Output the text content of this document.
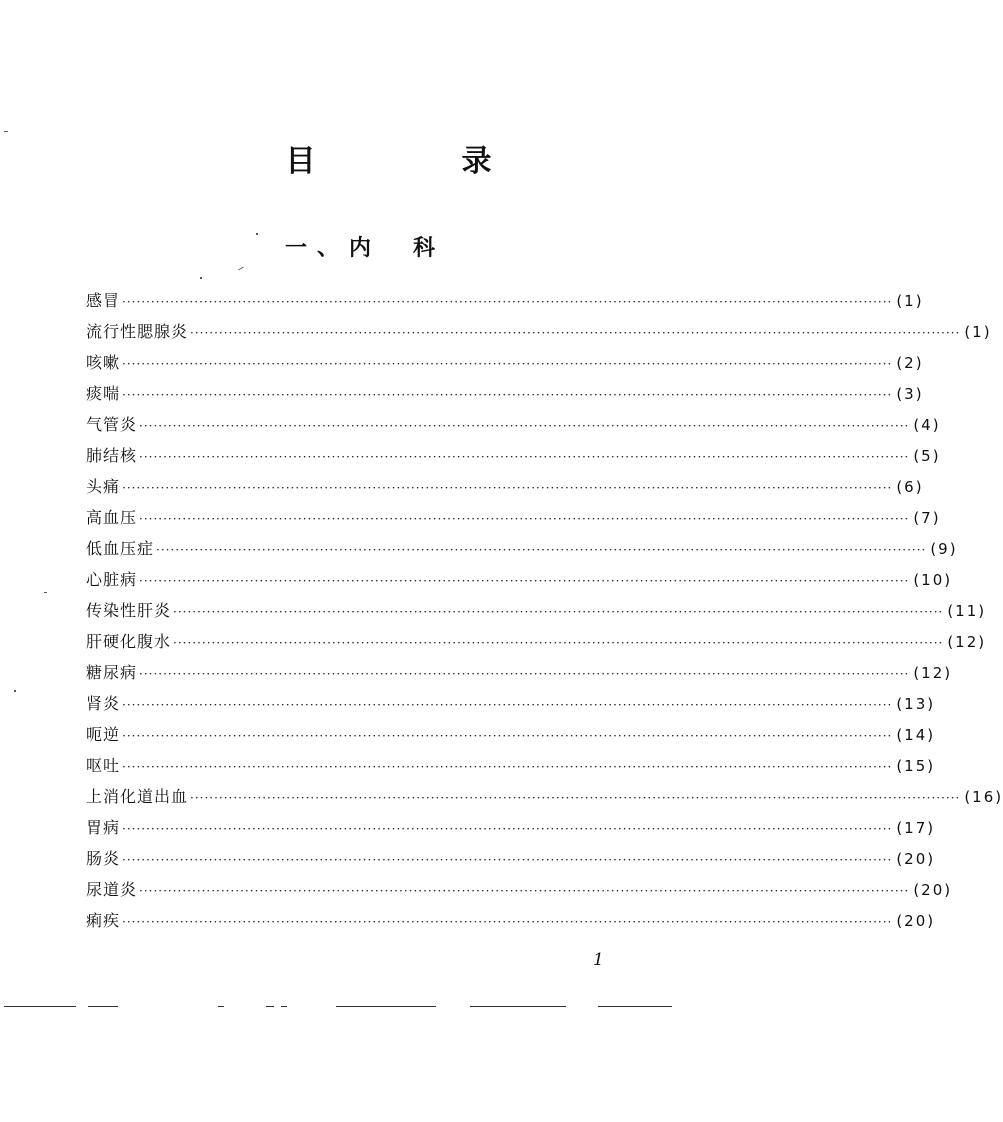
目　录
一、内　科
感冒 ································································································································································ (1)
流行性腮腺炎 ································································································································································ (1)
咳嗽 ································································································································································ (2)
痰喘 ································································································································································ (3)
气管炎 ································································································································································ (4)
肺结核 ································································································································································ (5)
头痛 ································································································································································ (6)
高血压 ································································································································································ (7)
低血压症 ································································································································································ (9)
心脏病 ································································································································································ (10)
传染性肝炎 ································································································································································ (11)
肝硬化腹水 ································································································································································ (12)
糖尿病 ································································································································································ (12)
肾炎 ································································································································································ (13)
呃逆 ································································································································································ (14)
呕吐 ································································································································································ (15)
上消化道出血 ································································································································································ (16)
胃病 ································································································································································ (17)
肠炎 ································································································································································ (20)
尿道炎 ································································································································································ (20)
痢疾 ································································································································································ (20)
1
